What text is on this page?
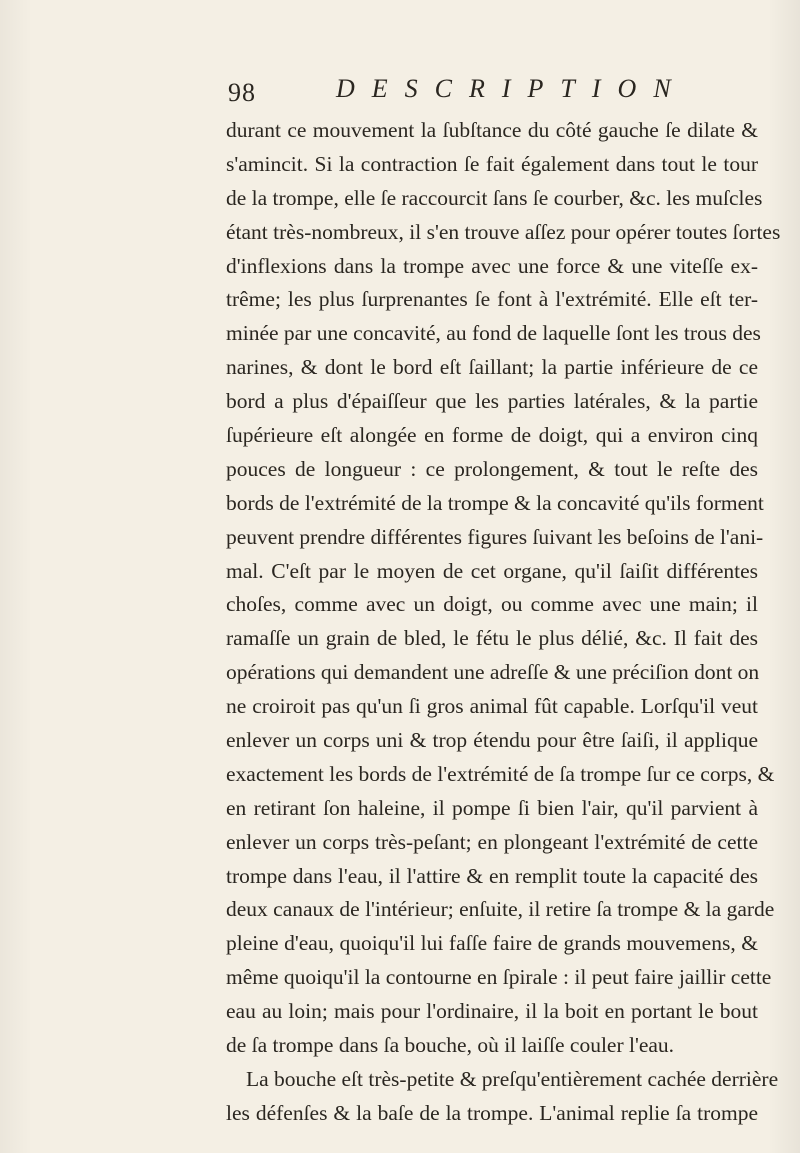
98	DESCRIPTION
durant ce mouvement la ſubſtance du côté gauche ſe dilate &
s'amincit. Si la contraction ſe fait également dans tout le tour
de la trompe, elle ſe raccourcit ſans ſe courber, &c. les muſcles
étant très-nombreux, il s'en trouve aſſez pour opérer toutes ſortes
d'inflexions dans la trompe avec une force & une viteſſe ex-
trême; les plus ſurprenantes ſe font à l'extrémité. Elle eſt ter-
minée par une concavité, au fond de laquelle ſont les trous des
narines, & dont le bord eſt ſaillant; la partie inférieure de ce
bord a plus d'épaiſſeur que les parties latérales, & la partie
ſupérieure eſt alongée en forme de doigt, qui a environ cinq
pouces de longueur : ce prolongement, & tout le reſte des
bords de l'extrémité de la trompe & la concavité qu'ils forment
peuvent prendre différentes figures ſuivant les beſoins de l'ani-
mal. C'eſt par le moyen de cet organe, qu'il ſaiſit différentes
choſes, comme avec un doigt, ou comme avec une main; il
ramaſſe un grain de bled, le fétu le plus délié, &c. Il fait des
opérations qui demandent une adreſſe & une préciſion dont on
ne croiroit pas qu'un ſi gros animal fût capable. Lorſqu'il veut
enlever un corps uni & trop étendu pour être ſaiſi, il applique
exactement les bords de l'extrémité de ſa trompe ſur ce corps, &
en retirant ſon haleine, il pompe ſi bien l'air, qu'il parvient à
enlever un corps très-peſant; en plongeant l'extrémité de cette
trompe dans l'eau, il l'attire & en remplit toute la capacité des
deux canaux de l'intérieur; enſuite, il retire ſa trompe & la garde
pleine d'eau, quoiqu'il lui faſſe faire de grands mouvemens, &
même quoiqu'il la contourne en ſpirale : il peut faire jaillir cette
eau au loin; mais pour l'ordinaire, il la boit en portant le bout
de ſa trompe dans ſa bouche, où il laiſſe couler l'eau.
La bouche eſt très-petite & preſqu'entièrement cachée derrière
les défenſes & la baſe de la trompe. L'animal replie ſa trompe
